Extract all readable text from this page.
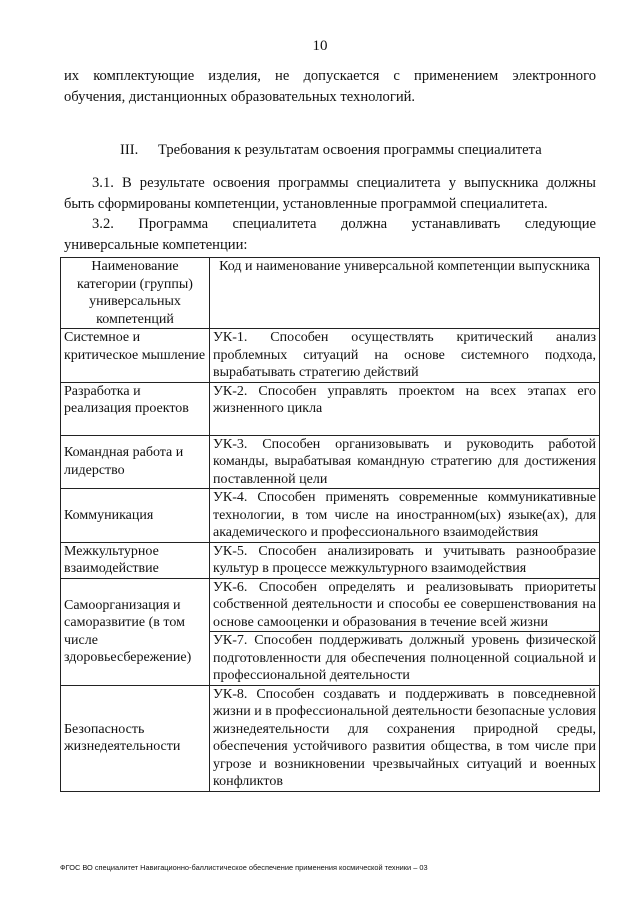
10
их комплектующие изделия, не допускается с применением электронного
обучения, дистанционных образовательных технологий.
III. Требования к результатам освоения программы специалитета
3.1. В результате освоения программы специалитета у выпускника должны
быть сформированы компетенции, установленные программой специалитета.
3.2. Программа специалитета должна устанавливать следующие
универсальные компетенции:
Наименование категории (группы) универсальных компетенций	Код и наименование универсальной компетенции выпускника
Системное и критическое мышление	УК-1. Способен осуществлять критический анализ проблемных ситуаций на основе системного подхода, вырабатывать стратегию действий
Разработка и реализация проектов	УК-2. Способен управлять проектом на всех этапах его жизненного цикла
Командная работа и лидерство	УК-3. Способен организовывать и руководить работой команды, вырабатывая командную стратегию для достижения поставленной цели
Коммуникация	УК-4. Способен применять современные коммуникативные технологии, в том числе на иностранном(ых) языке(ах), для академического и профессионального взаимодействия
Межкультурное взаимодействие	УК-5. Способен анализировать и учитывать разнообразие культур в процессе межкультурного взаимодействия
Самоорганизация и саморазвитие (в том числе здоровьесбережение)	УК-6. Способен определять и реализовывать приоритеты собственной деятельности и способы ее совершенствования на основе самооценки и образования в течение всей жизни
	УК-7. Способен поддерживать должный уровень физической подготовленности для обеспечения полноценной социальной и профессиональной деятельности
Безопасность жизнедеятельности	УК-8. Способен создавать и поддерживать в повседневной жизни и в профессиональной деятельности безопасные условия жизнедеятельности для сохранения природной среды, обеспечения устойчивого развития общества, в том числе при угрозе и возникновении чрезвычайных ситуаций и военных конфликтов
ФГОС ВО специалитет Навигационно-баллистическое обеспечение применения космической техники – 03
